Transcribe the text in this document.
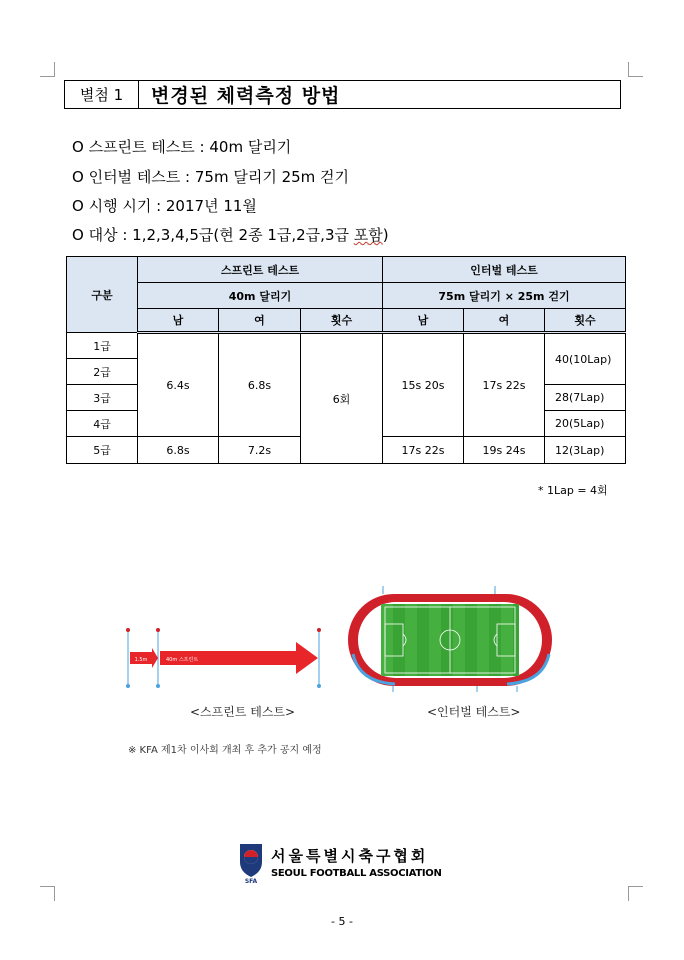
별첨 1	변경된 체력측정 방법
O 스프린트 테스트 : 40m 달리기
O 인터벌 테스트 : 75m 달리기 25m 걷기
O 시행 시기 : 2017년 11월
O 대상 : 1,2,3,4,5급(현 2종 1급,2급,3급 포함)
구분	스프린트 테스트			인터벌 테스트		
	40m 달리기			75m 달리기 × 25m 걷기		
	남	여	횟수	남	여	횟수
1급	6.4s	6.8s	6회	15s 20s	17s 22s	40(10Lap)
2급						
3급						28(7Lap)
4급						20(5Lap)
5급	6.8s	7.2s		17s 22s	19s 24s	12(3Lap)
* 1Lap = 4회
1.5m	40m 스프린트
<스프린트 테스트>	<인터벌 테스트>
※ KFA 제1차 이사회 개최 후 추가 공지 예정
SFA
서울특별시축구협회
SEOUL FOOTBALL ASSOCIATION
- 5 -
